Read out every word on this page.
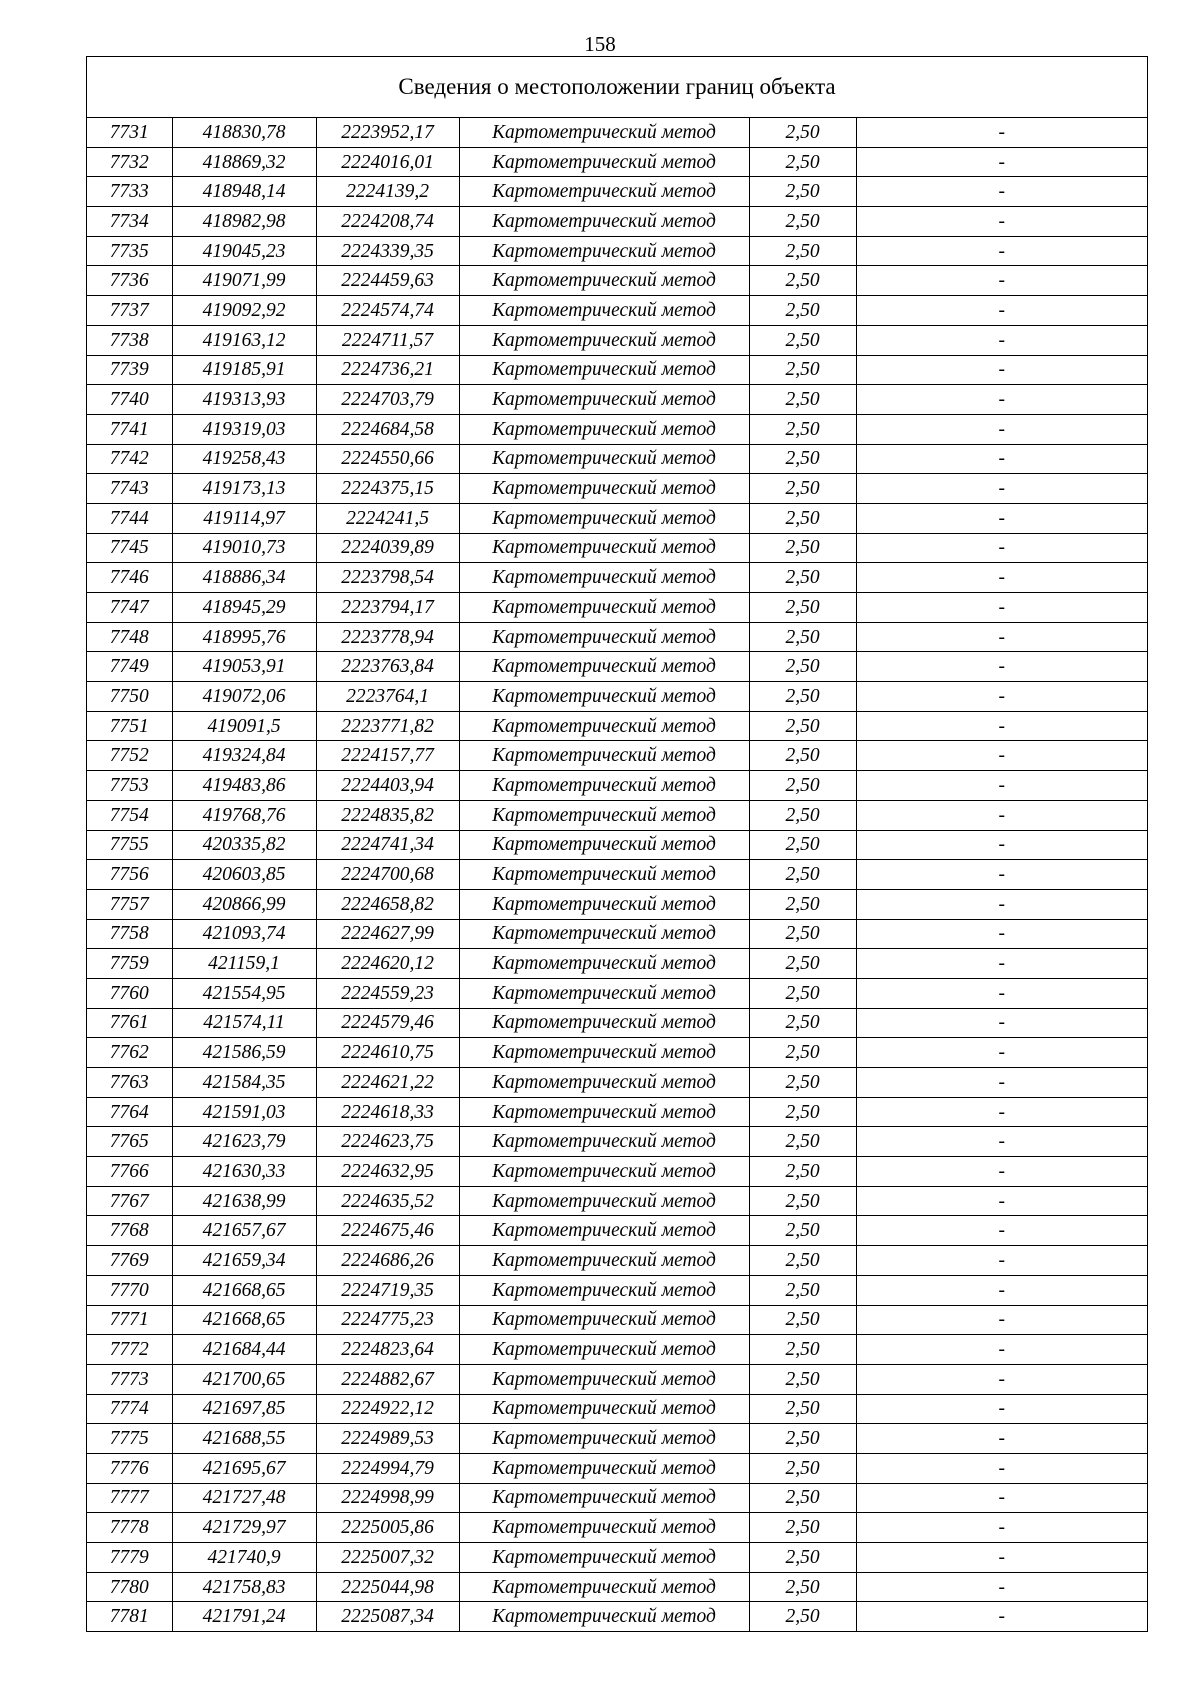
158
Сведения о местоположении границ объекта
7731	418830,78	2223952,17	Картометрический метод	2,50	-
7732	418869,32	2224016,01	Картометрический метод	2,50	-
7733	418948,14	2224139,2	Картометрический метод	2,50	-
7734	418982,98	2224208,74	Картометрический метод	2,50	-
7735	419045,23	2224339,35	Картометрический метод	2,50	-
7736	419071,99	2224459,63	Картометрический метод	2,50	-
7737	419092,92	2224574,74	Картометрический метод	2,50	-
7738	419163,12	2224711,57	Картометрический метод	2,50	-
7739	419185,91	2224736,21	Картометрический метод	2,50	-
7740	419313,93	2224703,79	Картометрический метод	2,50	-
7741	419319,03	2224684,58	Картометрический метод	2,50	-
7742	419258,43	2224550,66	Картометрический метод	2,50	-
7743	419173,13	2224375,15	Картометрический метод	2,50	-
7744	419114,97	2224241,5	Картометрический метод	2,50	-
7745	419010,73	2224039,89	Картометрический метод	2,50	-
7746	418886,34	2223798,54	Картометрический метод	2,50	-
7747	418945,29	2223794,17	Картометрический метод	2,50	-
7748	418995,76	2223778,94	Картометрический метод	2,50	-
7749	419053,91	2223763,84	Картометрический метод	2,50	-
7750	419072,06	2223764,1	Картометрический метод	2,50	-
7751	419091,5	2223771,82	Картометрический метод	2,50	-
7752	419324,84	2224157,77	Картометрический метод	2,50	-
7753	419483,86	2224403,94	Картометрический метод	2,50	-
7754	419768,76	2224835,82	Картометрический метод	2,50	-
7755	420335,82	2224741,34	Картометрический метод	2,50	-
7756	420603,85	2224700,68	Картометрический метод	2,50	-
7757	420866,99	2224658,82	Картометрический метод	2,50	-
7758	421093,74	2224627,99	Картометрический метод	2,50	-
7759	421159,1	2224620,12	Картометрический метод	2,50	-
7760	421554,95	2224559,23	Картометрический метод	2,50	-
7761	421574,11	2224579,46	Картометрический метод	2,50	-
7762	421586,59	2224610,75	Картометрический метод	2,50	-
7763	421584,35	2224621,22	Картометрический метод	2,50	-
7764	421591,03	2224618,33	Картометрический метод	2,50	-
7765	421623,79	2224623,75	Картометрический метод	2,50	-
7766	421630,33	2224632,95	Картометрический метод	2,50	-
7767	421638,99	2224635,52	Картометрический метод	2,50	-
7768	421657,67	2224675,46	Картометрический метод	2,50	-
7769	421659,34	2224686,26	Картометрический метод	2,50	-
7770	421668,65	2224719,35	Картометрический метод	2,50	-
7771	421668,65	2224775,23	Картометрический метод	2,50	-
7772	421684,44	2224823,64	Картометрический метод	2,50	-
7773	421700,65	2224882,67	Картометрический метод	2,50	-
7774	421697,85	2224922,12	Картометрический метод	2,50	-
7775	421688,55	2224989,53	Картометрический метод	2,50	-
7776	421695,67	2224994,79	Картометрический метод	2,50	-
7777	421727,48	2224998,99	Картометрический метод	2,50	-
7778	421729,97	2225005,86	Картометрический метод	2,50	-
7779	421740,9	2225007,32	Картометрический метод	2,50	-
7780	421758,83	2225044,98	Картометрический метод	2,50	-
7781	421791,24	2225087,34	Картометрический метод	2,50	-
